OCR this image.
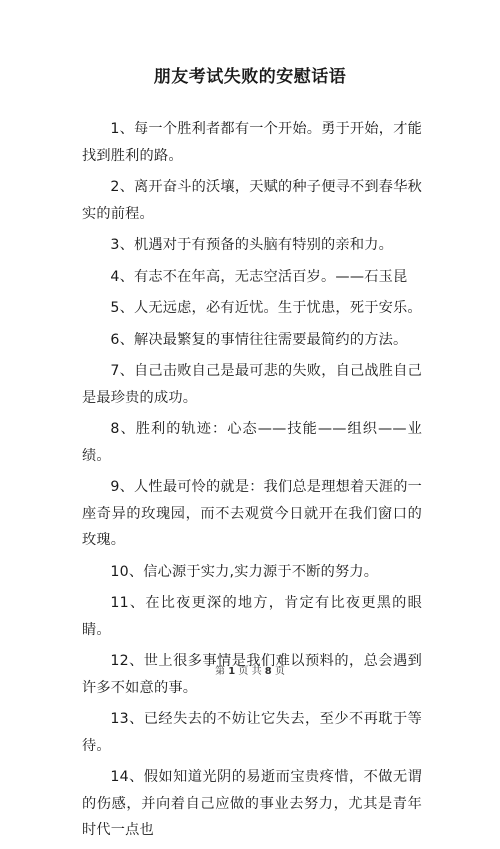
朋友考试失败的安慰话语

1、每一个胜利者都有一个开始。勇于开始，才能找到胜利的路。

2、离开奋斗的沃壤，天赋的种子便寻不到春华秋实的前程。

3、机遇对于有预备的头脑有特别的亲和力。

4、有志不在年高，无志空活百岁。——石玉昆

5、人无远虑，必有近忧。生于忧患，死于安乐。

6、解决最繁复的事情往往需要最简约的方法。

7、自己击败自己是最可悲的失败，自己战胜自己是最珍贵的成功。

8、胜利的轨迹：心态——技能——组织——业绩。

9、人性最可怜的就是：我们总是理想着天涯的一座奇异的玫瑰园，而不去观赏今日就开在我们窗口的玫瑰。

10、信心源于实力,实力源于不断的努力。

11、在比夜更深的地方，肯定有比夜更黑的眼睛。

12、世上很多事情是我们难以预料的，总会遇到许多不如意的事。

13、已经失去的不妨让它失去，至少不再耽于等待。

14、假如知道光阴的易逝而宝贵疼惜，不做无谓的伤感，并向着自己应做的事业去努力，尤其是青年时代一点也

第 1 页 共 8 页
